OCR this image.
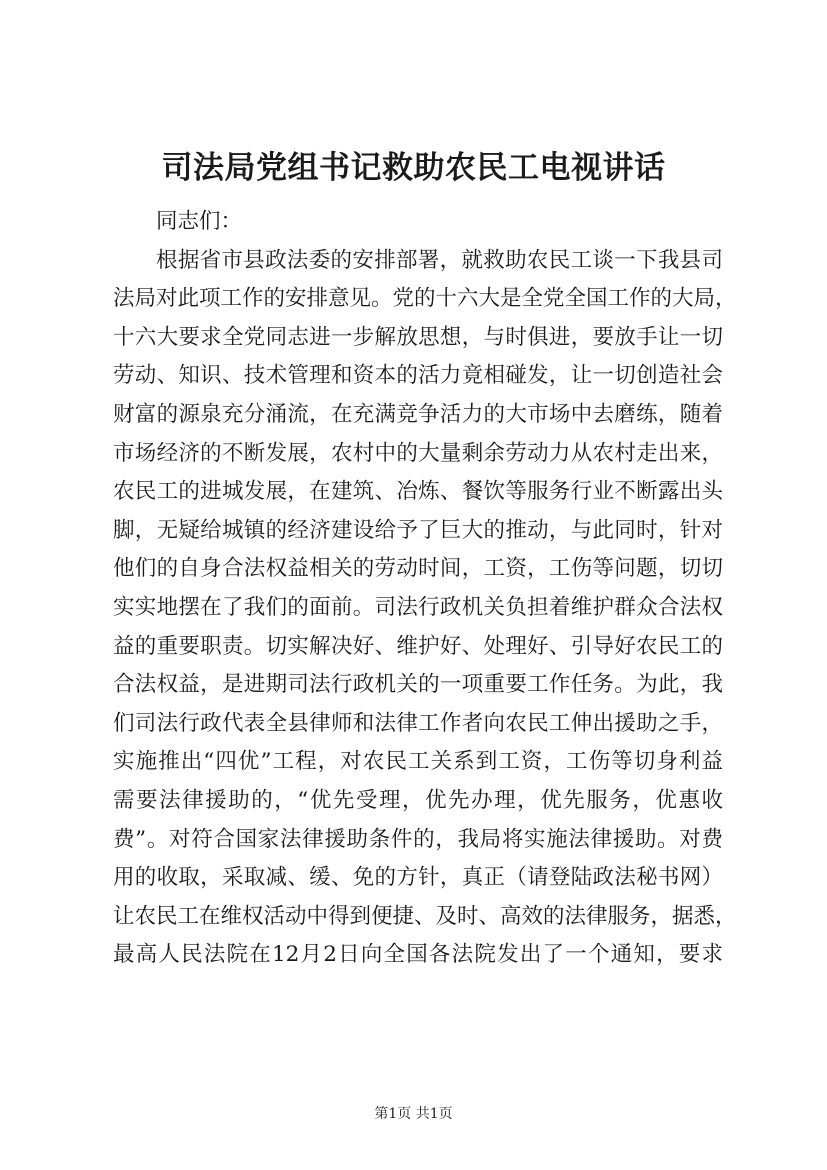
司法局党组书记救助农民工电视讲话
同志们：
根据省市县政法委的安排部署，就救助农民工谈一下我县司
法局对此项工作的安排意见。党的十六大是全党全国工作的大局，
十六大要求全党同志进一步解放思想，与时俱进，要放手让一切
劳动、知识、技术管理和资本的活力竟相碰发，让一切创造社会
财富的源泉充分涌流，在充满竞争活力的大市场中去磨练，随着
市场经济的不断发展，农村中的大量剩余劳动力从农村走出来，
农民工的进城发展，在建筑、冶炼、餐饮等服务行业不断露出头
脚，无疑给城镇的经济建设给予了巨大的推动，与此同时，针对
他们的自身合法权益相关的劳动时间，工资，工伤等问题，切切
实实地摆在了我们的面前。司法行政机关负担着维护群众合法权
益的重要职责。切实解决好、维护好、处理好、引导好农民工的
合法权益，是进期司法行政机关的一项重要工作任务。为此，我
们司法行政代表全县律师和法律工作者向农民工伸出援助之手，
实施推出“四优”工程，对农民工关系到工资，工伤等切身利益
需要法律援助的，“优先受理，优先办理，优先服务，优惠收
费”。对符合国家法律援助条件的，我局将实施法律援助。对费
用的收取，采取减、缓、免的方针，真正（请登陆政法秘书网）
让农民工在维权活动中得到便捷、及时、高效的法律服务，据悉，
最高人民法院在12月2日向全国各法院发出了一个通知，要求
第1页 共1页
